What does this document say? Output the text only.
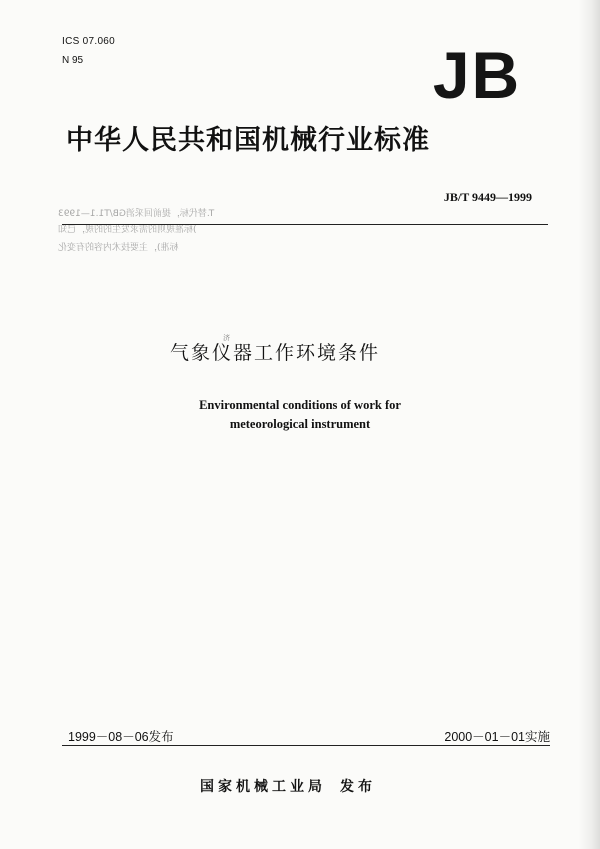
ICS 07.060
N 95	JB
中华人民共和国机械行业标准
T.替代标，提前回采消GB/T1.1—1993
)标准规则的需求发生的的规，已知
标准)，主要技术内容的有变化
JB/T 9449—1999
济
气象仪器工作环境条件
Environmental conditions of work for
meteorological instrument
1999－08－06发布	2000－01－01实施
国家机械工业局 发布
